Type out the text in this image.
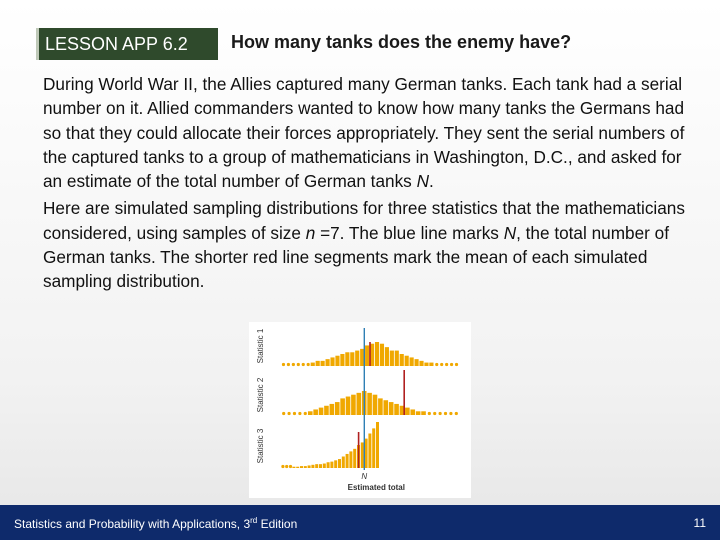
LESSON APP 6.2	How many tanks does the enemy have?

During World War II, the Allies captured many German tanks. Each tank had a serial number on it. Allied commanders wanted to know how many tanks the Germans had so that they could allocate their forces appropriately. They sent the serial numbers of the captured tanks to a group of mathematicians in Washington, D.C., and asked for an estimate of the total number of German tanks N.

Here are simulated sampling distributions for three statistics that the mathematicians considered, using samples of size n =7. The blue line marks N, the total number of German tanks. The shorter red line segments mark the mean of each simulated sampling distribution.

Statistic 1
Statistic 2
Statistic 3
N
Estimated total
Statistics and Probability with Applications, 3rd Edition	11
